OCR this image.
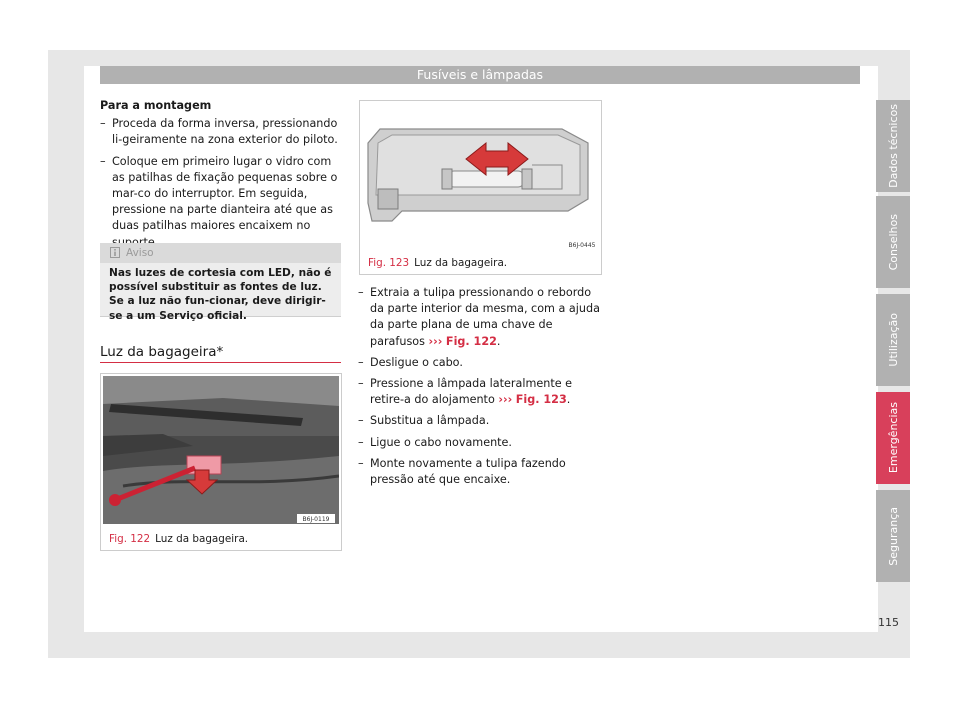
Fusíveis e lâmpadas
Para a montagem
– Proceda da forma inversa, pressionando li-geiramente na zona exterior do piloto.
– Coloque em primeiro lugar o vidro com as patilhas de fixação pequenas sobre o mar-co do interruptor. Em seguida, pressione na parte dianteira até que as duas patilhas maiores encaixem no
Aviso
Nas luzes de cortesia com LED, não é possível substituir as fontes de luz. Se a luz não fun-cionar, deve dirigir-se a um Serviço oficial.
Luz da bagageira*
B6J-0119
Fig. 122 Luz da bagageira.
B6J-0445
Fig. 123 Luz da bagageira.
– Extraia a tulipa pressionando o rebordo da parte interior da mesma, com a ajuda da parte plana de uma chave de parafusos ››› Fig. 122.
– Desligue o cabo.
– Pressione a lâmpada lateralmente e retire-a do alojamento ››› Fig. 123.
– Substitua a lâmpada.
– Ligue o cabo novamente.
– Monte novamente a tulipa fazendo pressão até que encaixe.
Dados técnicos
Conselhos
Utilização
Emergências
Segurança
115
